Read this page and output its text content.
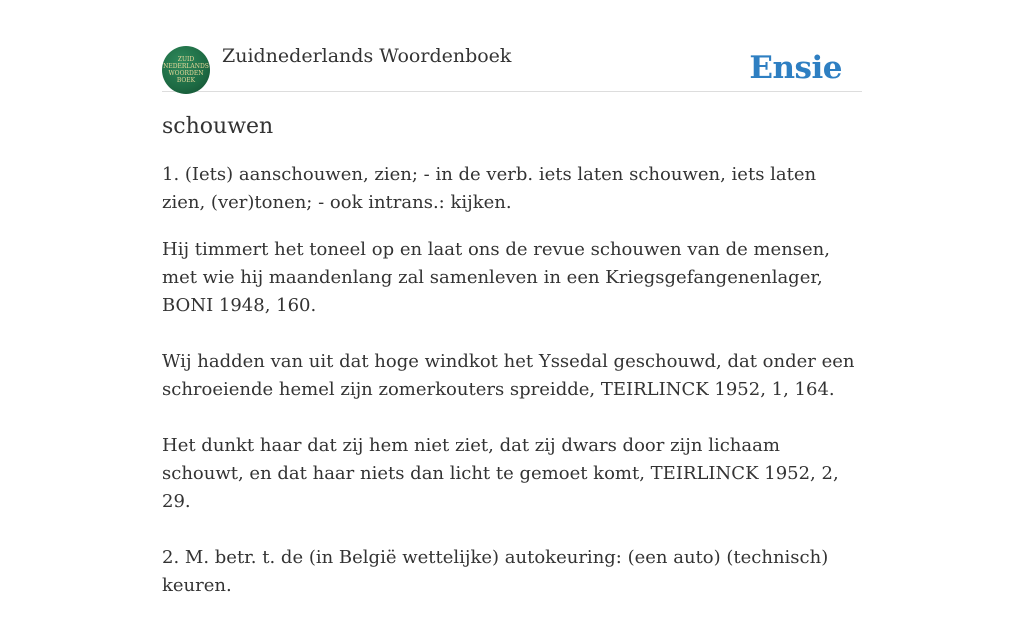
ZUID
NEDERLANDS
WOORDEN
BOEK
Zuidnederlands Woordenboek	Ensie
schouwen

1. (Iets) aanschouwen, zien; - in de verb. iets laten schouwen, iets laten zien, (ver)tonen; - ook intrans.: kijken.

Hij timmert het toneel op en laat ons de revue schouwen van de mensen, met wie hij maandenlang zal samenleven in een Kriegsgefangenenlager, BONI 1948, 160.

Wij hadden van uit dat hoge windkot het Yssedal geschouwd, dat onder een schroeiende hemel zijn zomerkouters spreidde, TEIRLINCK 1952, 1, 164.

Het dunkt haar dat zij hem niet ziet, dat zij dwars door zijn lichaam schouwt, en dat haar niets dan licht te gemoet komt, TEIRLINCK 1952, 2, 29.

2. M. betr. t. de (in België wettelijke) autokeuring: (een auto) (technisch) keuren.
